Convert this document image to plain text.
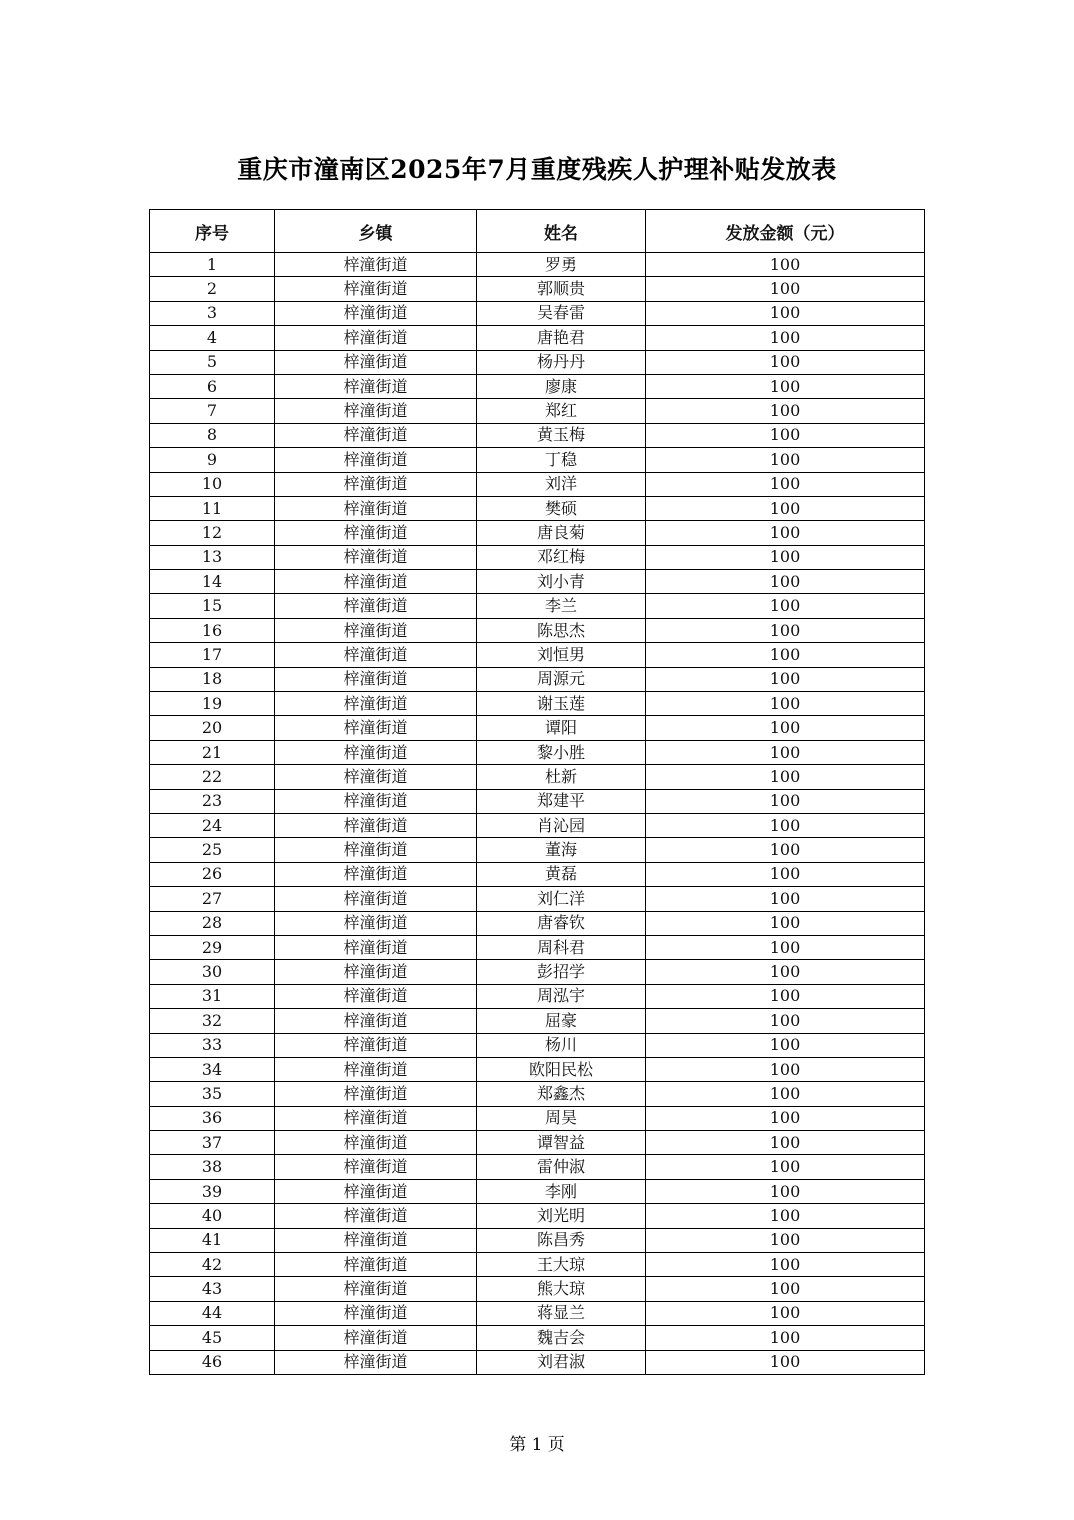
重庆市潼南区2025年7月重度残疾人护理补贴发放表
序号	乡镇	姓名	发放金额（元）
1	梓潼街道	罗勇	100
2	梓潼街道	郭顺贵	100
3	梓潼街道	吴春雷	100
4	梓潼街道	唐艳君	100
5	梓潼街道	杨丹丹	100
6	梓潼街道	廖康	100
7	梓潼街道	郑红	100
8	梓潼街道	黄玉梅	100
9	梓潼街道	丁稳	100
10	梓潼街道	刘洋	100
11	梓潼街道	樊硕	100
12	梓潼街道	唐良菊	100
13	梓潼街道	邓红梅	100
14	梓潼街道	刘小青	100
15	梓潼街道	李兰	100
16	梓潼街道	陈思杰	100
17	梓潼街道	刘恒男	100
18	梓潼街道	周源元	100
19	梓潼街道	谢玉莲	100
20	梓潼街道	谭阳	100
21	梓潼街道	黎小胜	100
22	梓潼街道	杜新	100
23	梓潼街道	郑建平	100
24	梓潼街道	肖沁园	100
25	梓潼街道	董海	100
26	梓潼街道	黄磊	100
27	梓潼街道	刘仁洋	100
28	梓潼街道	唐睿钦	100
29	梓潼街道	周科君	100
30	梓潼街道	彭招学	100
31	梓潼街道	周泓宇	100
32	梓潼街道	屈豪	100
33	梓潼街道	杨川	100
34	梓潼街道	欧阳民松	100
35	梓潼街道	郑鑫杰	100
36	梓潼街道	周昊	100
37	梓潼街道	谭智益	100
38	梓潼街道	雷仲淑	100
39	梓潼街道	李刚	100
40	梓潼街道	刘光明	100
41	梓潼街道	陈昌秀	100
42	梓潼街道	王大琼	100
43	梓潼街道	熊大琼	100
44	梓潼街道	蒋显兰	100
45	梓潼街道	魏吉会	100
46	梓潼街道	刘君淑	100
第 1 页
